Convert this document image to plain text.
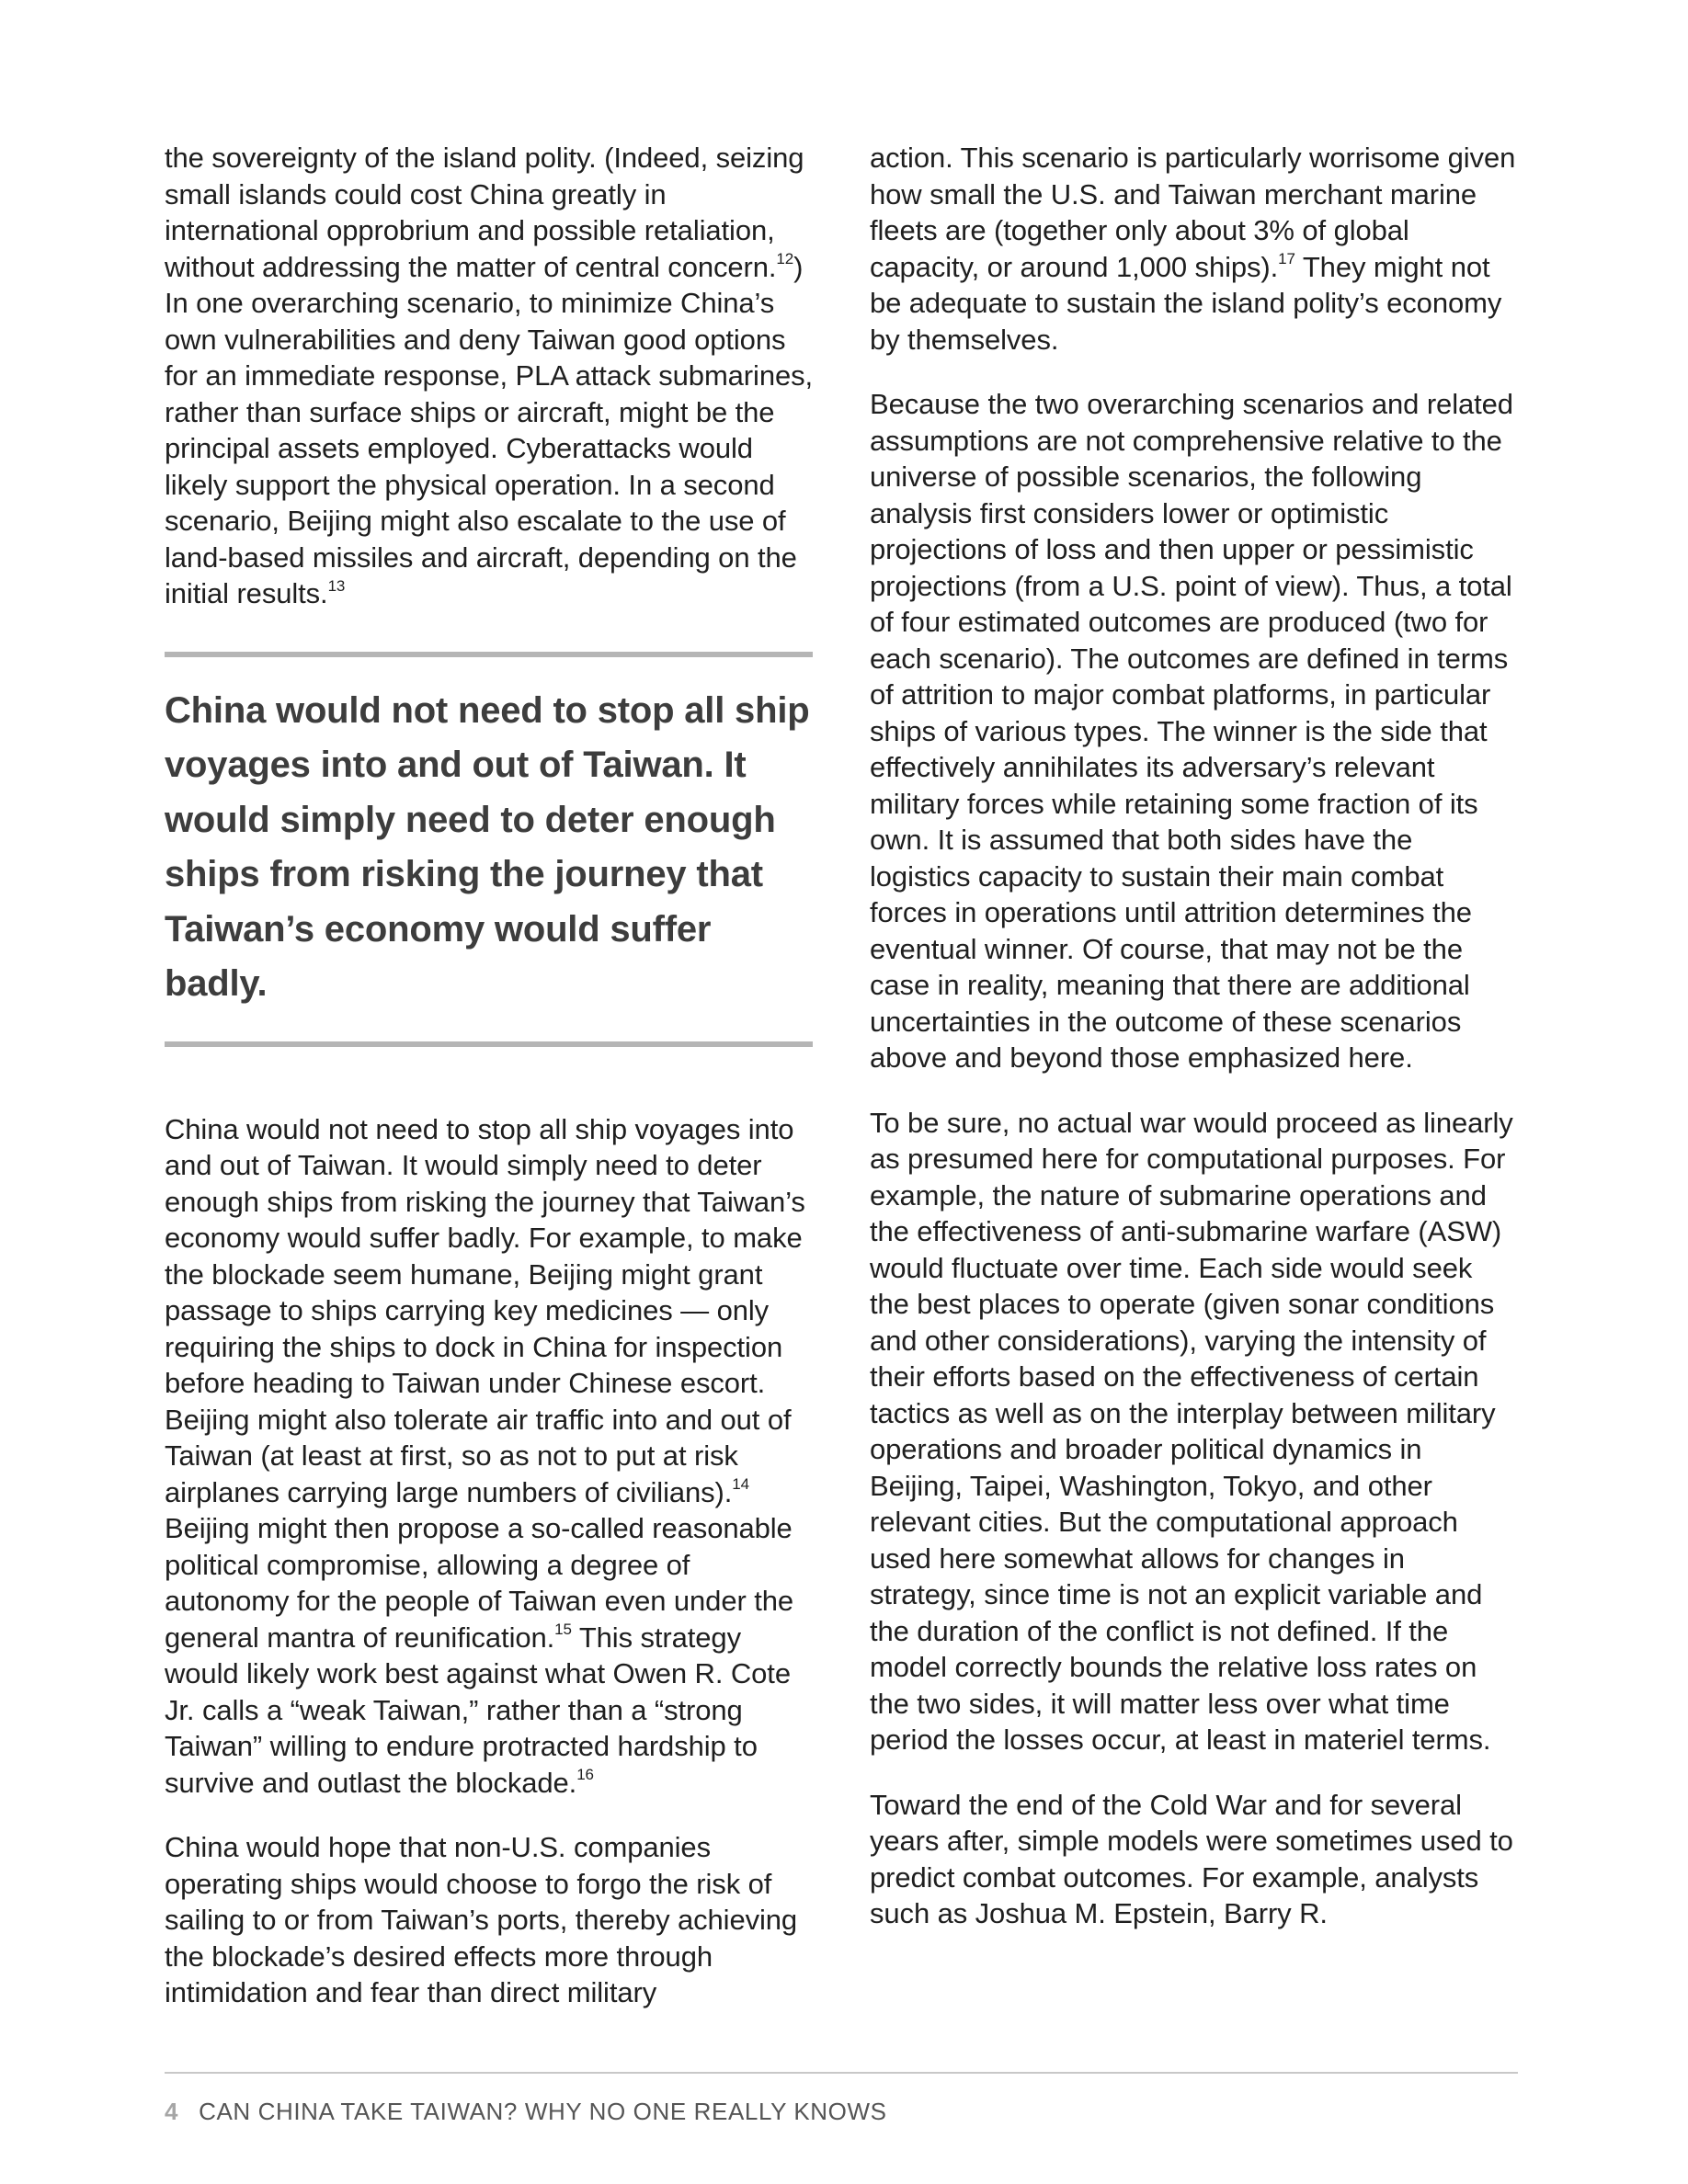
the sovereignty of the island polity. (Indeed, seizing small islands could cost China greatly in international opprobrium and possible retaliation, without addressing the matter of central concern.$^{12}$) In one overarching scenario, to minimize China’s own vulnerabilities and deny Taiwan good options for an immediate response, PLA attack submarines, rather than surface ships or aircraft, might be the principal assets employed. Cyberattacks would likely support the physical operation. In a second scenario, Beijing might also escalate to the use of land-based missiles and aircraft, depending on the initial results.$^{13}$

China would not need to stop all ship voyages into and out of Taiwan. It would simply need to deter enough ships from risking the journey that Taiwan’s economy would suffer badly.

China would not need to stop all ship voyages into and out of Taiwan. It would simply need to deter enough ships from risking the journey that Taiwan’s economy would suffer badly. For example, to make the blockade seem humane, Beijing might grant passage to ships carrying key medicines — only requiring the ships to dock in China for inspection before heading to Taiwan under Chinese escort. Beijing might also tolerate air traffic into and out of Taiwan (at least at first, so as not to put at risk airplanes carrying large numbers of civilians).$^{14}$ Beijing might then propose a so-called reasonable political compromise, allowing a degree of autonomy for the people of Taiwan even under the general mantra of reunification.$^{15}$ This strategy would likely work best against what Owen R. Cote Jr. calls a “weak Taiwan,” rather than a “strong Taiwan” willing to endure protracted hardship to survive and outlast the blockade.$^{16}$

China would hope that non-U.S. companies operating ships would choose to forgo the risk of sailing to or from Taiwan’s ports, thereby achieving the blockade’s desired effects more through intimidation and fear than direct military

action. This scenario is particularly worrisome given how small the U.S. and Taiwan merchant marine fleets are (together only about 3% of global capacity, or around 1,000 ships).$^{17}$ They might not be adequate to sustain the island polity’s economy by themselves.

Because the two overarching scenarios and related assumptions are not comprehensive relative to the universe of possible scenarios, the following analysis first considers lower or optimistic projections of loss and then upper or pessimistic projections (from a U.S. point of view). Thus, a total of four estimated outcomes are produced (two for each scenario). The outcomes are defined in terms of attrition to major combat platforms, in particular ships of various types. The winner is the side that effectively annihilates its adversary’s relevant military forces while retaining some fraction of its own. It is assumed that both sides have the logistics capacity to sustain their main combat forces in operations until attrition determines the eventual winner. Of course, that may not be the case in reality, meaning that there are additional uncertainties in the outcome of these scenarios above and beyond those emphasized here.

To be sure, no actual war would proceed as linearly as presumed here for computational purposes. For example, the nature of submarine operations and the effectiveness of anti-submarine warfare (ASW) would fluctuate over time. Each side would seek the best places to operate (given sonar conditions and other considerations), varying the intensity of their efforts based on the effectiveness of certain tactics as well as on the interplay between military operations and broader political dynamics in Beijing, Taipei, Washington, Tokyo, and other relevant cities. But the computational approach used here somewhat allows for changes in strategy, since time is not an explicit variable and the duration of the conflict is not defined. If the model correctly bounds the relative loss rates on the two sides, it will matter less over what time period the losses occur, at least in materiel terms.

Toward the end of the Cold War and for several years after, simple models were sometimes used to predict combat outcomes. For example, analysts such as Joshua M. Epstein, Barry R.

4 CAN CHINA TAKE TAIWAN? WHY NO ONE REALLY KNOWS
